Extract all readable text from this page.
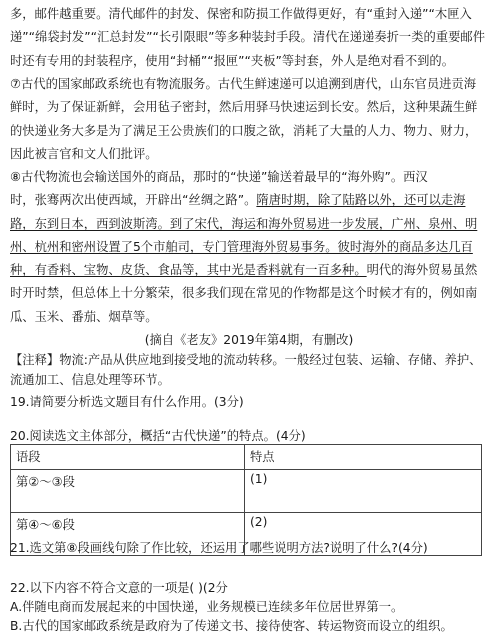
多，邮件越重要。清代邮件的封发、保密和防损工作做得更好，有“重封入递”“木匣入
递”“绵袋封发”“汇总封发”“长引限眼”等多种装封手段。清代在递递奏折一类的重要邮件
时还有专用的封装程序，使用“封桶”“报匣”“夹板”等封套，外人是绝对看不到的。
⑦古代的国家邮政系统也有物流服务。古代生鲜速递可以追溯到唐代，山东官员进贡海
鲜时，为了保证新鲜，会用毡子密封，然后用驿马快速运到长安。然后，这种果蔬生鲜
的快递业务大多是为了满足王公贵族们的口腹之欲，消耗了大量的人力、物力、财力，
因此被言官和文人们批评。
⑧古代物流也会输送国外的商品，那时的“快递”输送着最早的“海外购”。西汉
时，张骞两次出使西域，开辟出“丝绸之路”。隋唐时期，除了陆路以外，还可以走海
路，东到日本，西到波斯湾。到了宋代，海运和海外贸易进一步发展，广州、泉州、明
州、杭州和密州设置了5个市舶司，专门管理海外贸易事务。彼时海外的商品多达几百
种，有香料、宝物、皮货、食品等，其中光是香料就有一百多种。明代的海外贸易虽然
时开时禁，但总体上十分繁荣，很多我们现在常见的作物都是这个时候才有的，例如南
瓜、玉米、番茄、烟草等。
(摘自《老友》2019年第4期，有删改)
【注释】物流:产品从供应地到接受地的流动转移。一般经过包装、运输、存储、养护、
流通加工、信息处理等环节。
19.请简要分析选文题目有什么作用。(3分)
20.阅读选文主体部分，概括“古代快递”的特点。(4分)
语段	特点
第②～③段	(1)
第④～⑥段	(2)
21.选文第⑧段画线句除了作比较，还运用了哪些说明方法?说明了什么?(4分)
22.以下内容不符合文意的一项是( )(2分
A.伴随电商而发展起来的中国快递，业务规模已连续多年位居世界第一。
B.古代的国家邮政系统是政府为了传递文书、接待使客、转运物资而设立的组织。
